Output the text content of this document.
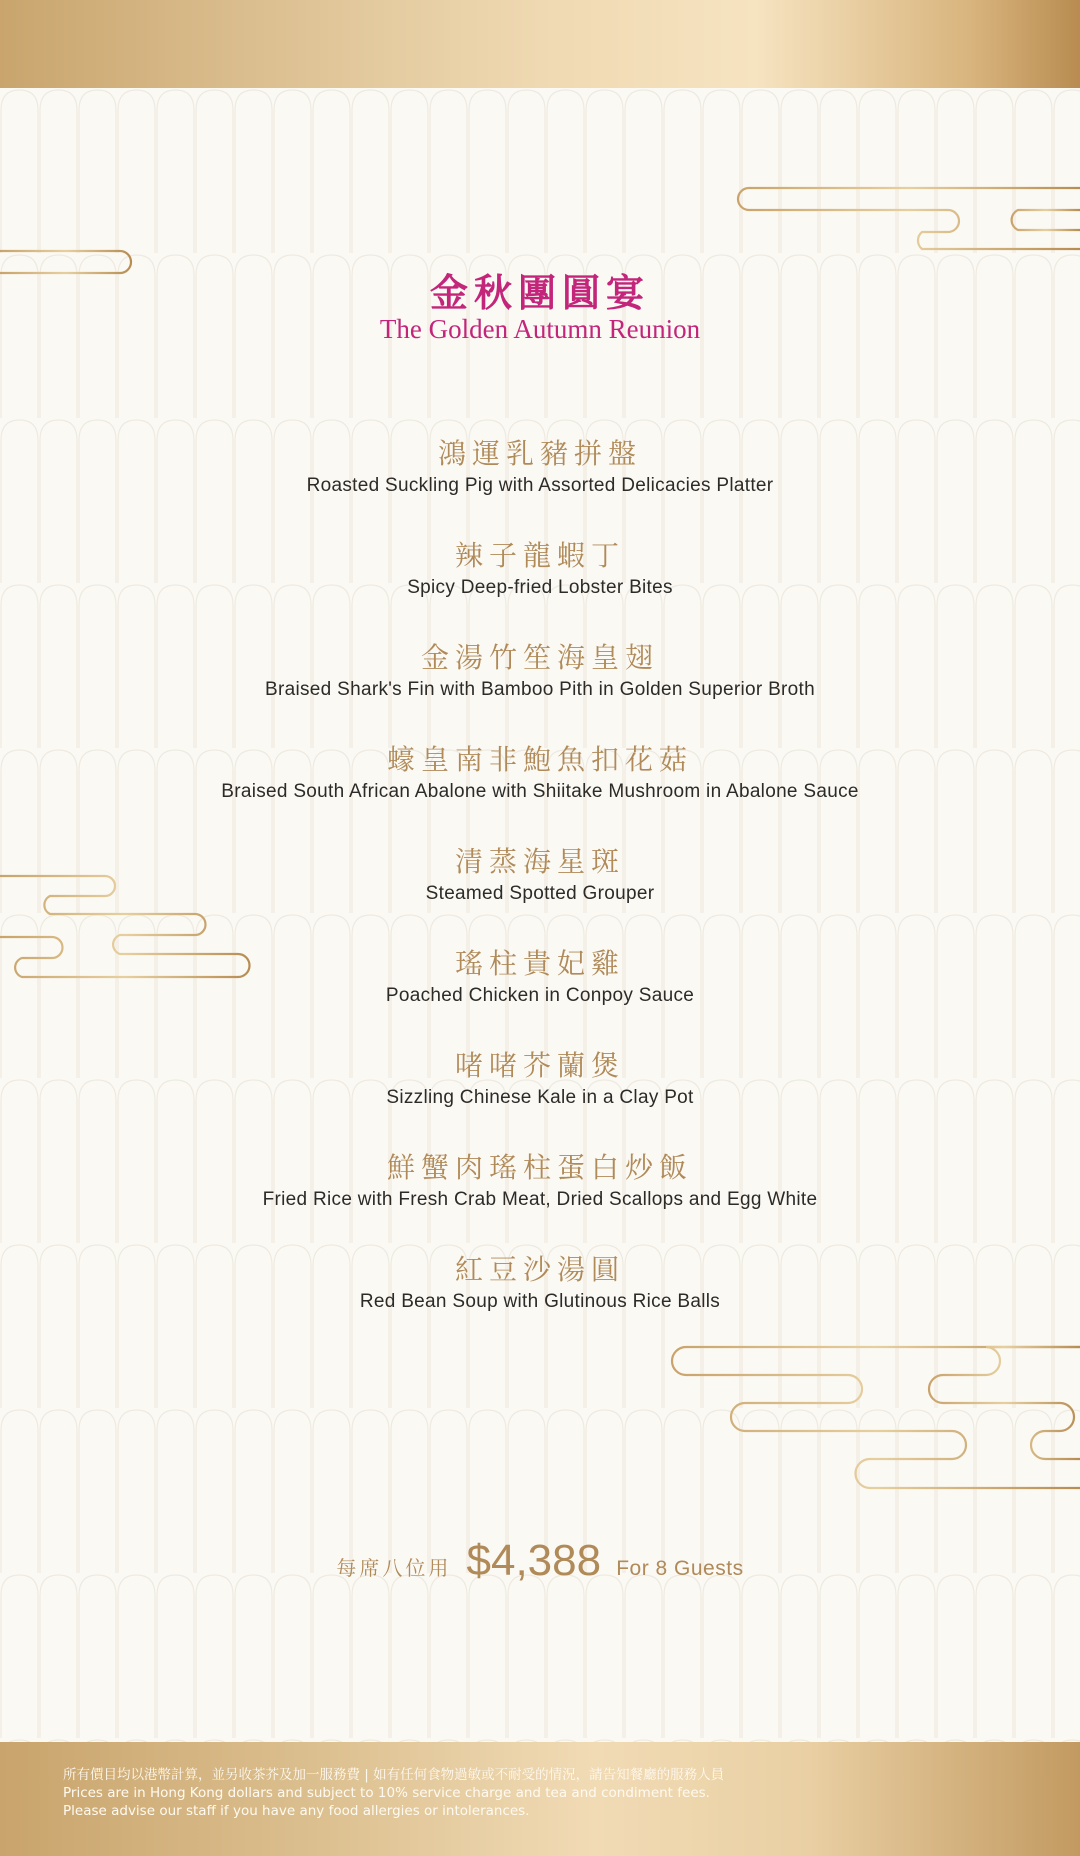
金秋團圓宴
The Golden Autumn Reunion
鴻運乳豬拼盤
Roasted Suckling Pig with Assorted Delicacies Platter
辣子龍蝦丁
Spicy Deep-fried Lobster Bites
金湯竹笙海皇翅
Braised Shark's Fin with Bamboo Pith in Golden Superior Broth
蠔皇南非鮑魚扣花菇
Braised South African Abalone with Shiitake Mushroom in Abalone Sauce
清蒸海星斑
Steamed Spotted Grouper
瑤柱貴妃雞
Poached Chicken in Conpoy Sauce
啫啫芥蘭煲
Sizzling Chinese Kale in a Clay Pot
鮮蟹肉瑤柱蛋白炒飯
Fried Rice with Fresh Crab Meat, Dried Scallops and Egg White
紅豆沙湯圓
Red Bean Soup with Glutinous Rice Balls
每席八位用 $4,388 For 8 Guests
所有價目均以港幣計算，並另收茶芥及加一服務費 | 如有任何食物過敏或不耐受的情況，請告知餐廳的服務人員
Prices are in Hong Kong dollars and subject to 10% service charge and tea and condiment fees.
Please advise our staff if you have any food allergies or intolerances.
